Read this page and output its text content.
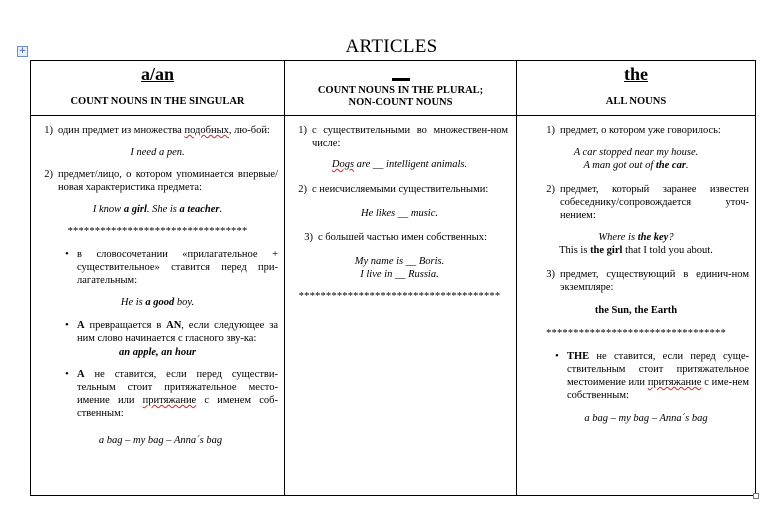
+	ARTICLES
a/an
COUNT NOUNS IN THE SINGULAR
1) один предмет из множества подобных, лю-бой:
I need a pen.
2) предмет/лицо, о котором упоминается впервые/новая характеристика предмета:
I know a girl. She is a teacher.
*********************************
• в словосочетании «прилагательное + существительное» ставится перед при-лагательным:
He is a good boy.
• A превращается в AN, если следующее за ним слово начинается с гласного зву-ка:
an apple, an hour
• A не ставится, если перед существи-тельным стоит притяжательное место-имение или притяжание с именем соб-ственным:
a bag – my bag – Anna´s bag
COUNT NOUNS IN THE PLURAL;
NON-COUNT NOUNS
1) с существительными во множествен-ном числе:
Dogs are __ intelligent animals.
2) с неисчисляемыми существительными:
He likes __ music.
3) с большей частью имен собственных:
My name is __ Boris.
I live in __ Russia.
*************************************
the
ALL NOUNS
1) предмет, о котором уже говорилось:
A car stopped near my house.
A man got out of the car.
2) предмет, который заранее известен собеседнику/сопровождается уточ-нением:
Where is the key?
This is the girl that I told you about.
3) предмет, существующий в единич-ном экземпляре:
the Sun, the Earth
*********************************
• THE не ставится, если перед суще-ствительным стоит притяжательное местоимение или притяжание с име-нем собственным:
a bag – my bag – Anna´s bag
